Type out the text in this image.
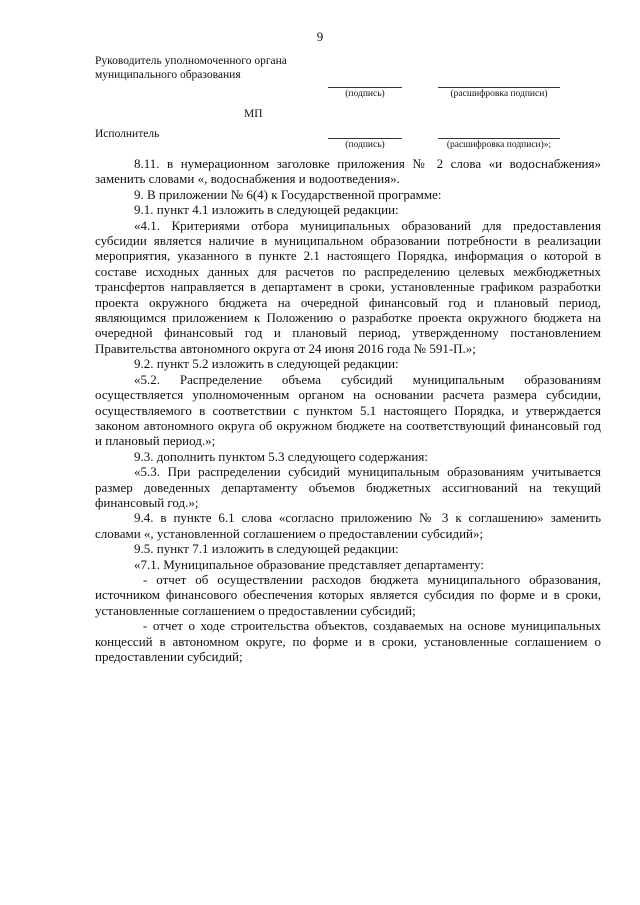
9
Руководитель уполномоченного органа
муниципального образования
(подпись)	(расшифровка подписи)
МП
Исполнитель
(подпись)	(расшифровка подписи)»;

8.11. в нумерационном заголовке приложения № 2 слова «и водоснабжения» заменить словами «, водоснабжения и водоотведения».

9. В приложении № 6(4) к Государственной программе:

9.1. пункт 4.1 изложить в следующей редакции:

«4.1. Критериями отбора муниципальных образований для предоставления субсидии является наличие в муниципальном образовании потребности в реализации мероприятия, указанного в пункте 2.1 настоящего Порядка, информация о которой в составе исходных данных для расчетов по распределению целевых межбюджетных трансфертов направляется в департамент в сроки, установленные графиком разработки проекта окружного бюджета на очередной финансовый год и плановый период, являющимся приложением к Положению о разработке проекта окружного бюджета на очередной финансовый год и плановый период, утвержденному постановлением Правительства автономного округа от 24 июня 2016 года № 591-П.»;

9.2. пункт 5.2 изложить в следующей редакции:

«5.2. Распределение объема субсидий муниципальным образованиям осуществляется уполномоченным органом на основании расчета размера субсидии, осуществляемого в соответствии с пунктом 5.1 настоящего Порядка, и утверждается законом автономного округа об окружном бюджете на соответствующий финансовый год и плановый период.»;

9.3. дополнить пунктом 5.3 следующего содержания:

«5.3. При распределении субсидий муниципальным образованиям учитывается размер доведенных департаменту объемов бюджетных ассигнований на текущий финансовый год.»;

9.4. в пункте 6.1 слова «согласно приложению № 3 к соглашению» заменить словами «, установленной соглашением о предоставлении субсидий»;

9.5. пункт 7.1 изложить в следующей редакции:

«7.1. Муниципальное образование представляет департаменту:

- отчет об осуществлении расходов бюджета муниципального образования, источником финансового обеспечения которых является субсидия по форме и в сроки, установленные соглашением о предоставлении субсидий;

- отчет о ходе строительства объектов, создаваемых на основе муниципальных концессий в автономном округе, по форме и в сроки, установленные соглашением о предоставлении субсидий;
